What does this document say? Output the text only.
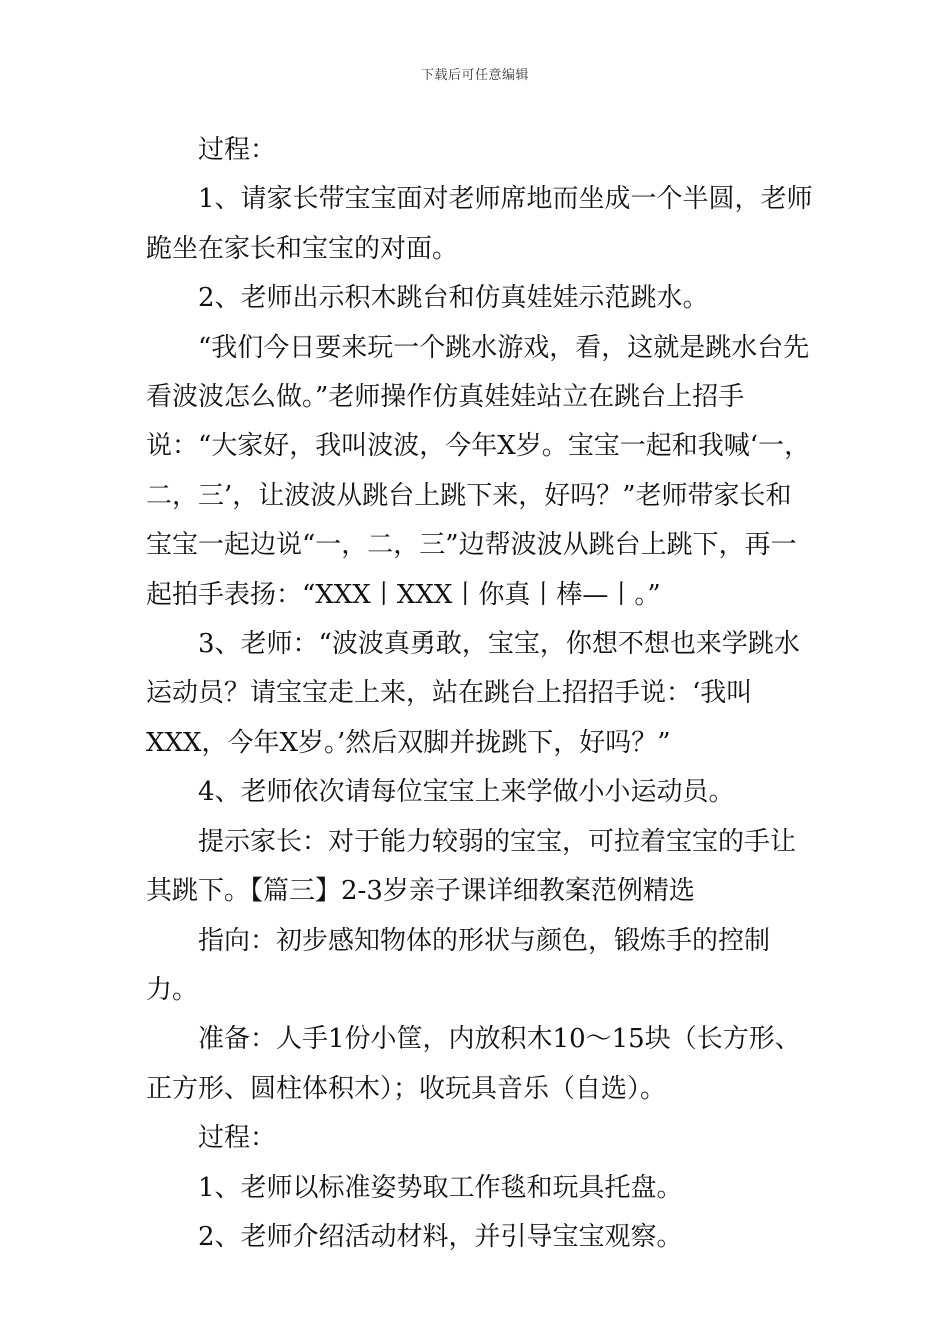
下载后可任意编辑

过程：

1、请家长带宝宝面对老师席地而坐成一个半圆，老师跪坐在家长和宝宝的对面。

2、老师出示积木跳台和仿真娃娃示范跳水。

“我们今日要来玩一个跳水游戏，看，这就是跳水台先看波波怎么做。”老师操作仿真娃娃站立在跳台上招手说：“大家好，我叫波波，今年X岁。宝宝一起和我喊‘一，二，三’，让波波从跳台上跳下来，好吗？”老师带家长和宝宝一起边说“一，二，三”边帮波波从跳台上跳下，再一起拍手表扬：“XXX丨XXX丨你真丨棒—丨。”

3、老师：“波波真勇敢，宝宝，你想不想也来学跳水运动员？请宝宝走上来，站在跳台上招招手说：‘我叫XXX，今年X岁。’然后双脚并拢跳下，好吗？”

4、老师依次请每位宝宝上来学做小小运动员。

提示家长：对于能力较弱的宝宝，可拉着宝宝的手让其跳下。【篇三】2-3岁亲子课详细教案范例精选

指向：初步感知物体的形状与颜色，锻炼手的控制力。

准备：人手1份小筐，内放积木10～15块（长方形、正方形、圆柱体积木）；收玩具音乐（自选）。

过程：

1、老师以标准姿势取工作毯和玩具托盘。

2、老师介绍活动材料，并引导宝宝观察。
